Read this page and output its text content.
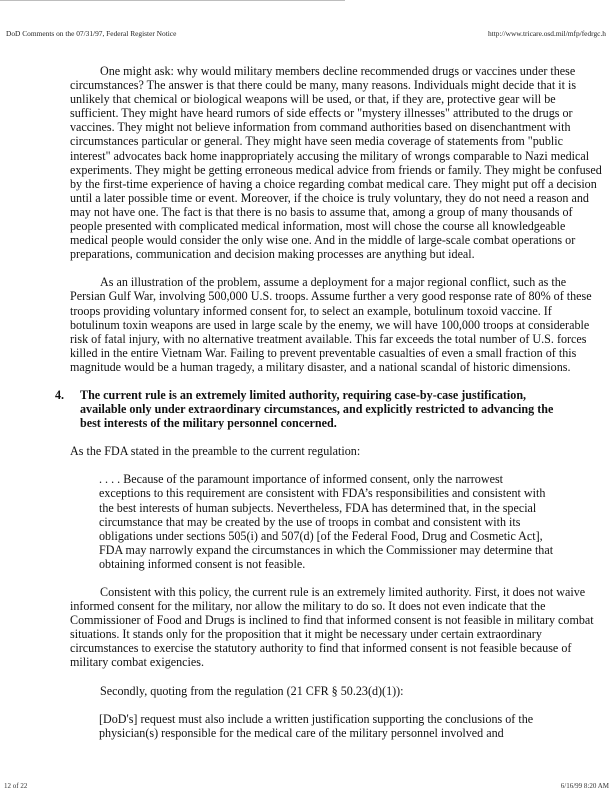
DoD Comments on the 07/31/97, Federal Register Notice	http://www.tricare.osd.mil/mfp/fedrgc.h

One might ask: why would military members decline recommended drugs or vaccines under these circumstances? The answer is that there could be many, many reasons. Individuals might decide that it is unlikely that chemical or biological weapons will be used, or that, if they are, protective gear will be sufficient. They might have heard rumors of side effects or "mystery illnesses" attributed to the drugs or vaccines. They might not believe information from command authorities based on disenchantment with circumstances particular or general. They might have seen media coverage of statements from "public interest" advocates back home inappropriately accusing the military of wrongs comparable to Nazi medical experiments. They might be getting erroneous medical advice from friends or family. They might be confused by the first-time experience of having a choice regarding combat medical care. They might put off a decision until a later possible time or event. Moreover, if the choice is truly voluntary, they do not need a reason and may not have one. The fact is that there is no basis to assume that, among a group of many thousands of people presented with complicated medical information, most will chose the course all knowledgeable medical people would consider the only wise one. And in the middle of large-scale combat operations or preparations, communication and decision making processes are anything but ideal.

As an illustration of the problem, assume a deployment for a major regional conflict, such as the Persian Gulf War, involving 500,000 U.S. troops. Assume further a very good response rate of 80% of these troops providing voluntary informed consent for, to select an example, botulinum toxoid vaccine. If botulinum toxin weapons are used in large scale by the enemy, we will have 100,000 troops at considerable risk of fatal injury, with no alternative treatment available. This far exceeds the total number of U.S. forces killed in the entire Vietnam War. Failing to prevent preventable casualties of even a small fraction of this magnitude would be a human tragedy, a military disaster, and a national scandal of historic dimensions.

4.	The current rule is an extremely limited authority, requiring case-by-case justification, available only under extraordinary circumstances, and explicitly restricted to advancing the best interests of the military personnel concerned.

As the FDA stated in the preamble to the current regulation:

. . . . Because of the paramount importance of informed consent, only the narrowest exceptions to this requirement are consistent with FDA’s responsibilities and consistent with the best interests of human subjects. Nevertheless, FDA has determined that, in the special circumstance that may be created by the use of troops in combat and consistent with its obligations under sections 505(i) and 507(d) [of the Federal Food, Drug and Cosmetic Act], FDA may narrowly expand the circumstances in which the Commissioner may determine that obtaining informed consent is not feasible.

Consistent with this policy, the current rule is an extremely limited authority. First, it does not waive informed consent for the military, nor allow the military to do so. It does not even indicate that the Commissioner of Food and Drugs is inclined to find that informed consent is not feasible in military combat situations. It stands only for the proposition that it might be necessary under certain extraordinary circumstances to exercise the statutory authority to find that informed consent is not feasible because of military combat exigencies.

Secondly, quoting from the regulation (21 CFR § 50.23(d)(1)):

[DoD's] request must also include a written justification supporting the conclusions of the physician(s) responsible for the medical care of the military personnel involved and

12 of 22	6/16/99 8:20 AM
